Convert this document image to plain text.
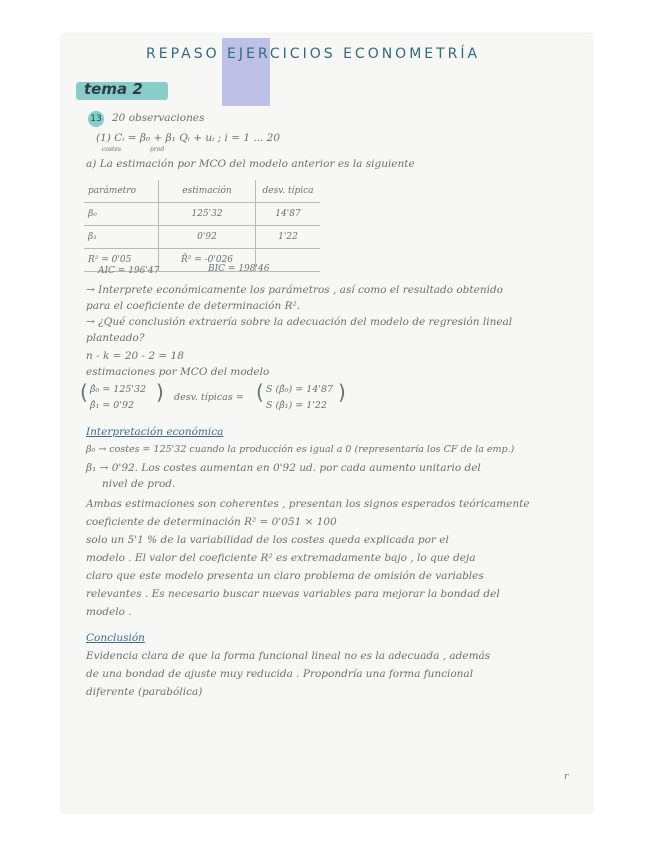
REPASO EJERCICIOS ECONOMETRÍA
tema 2
13 20 observaciones
(1) Cᵢ = β₀ + β₁ Qᵢ + uᵢ ; i = 1 ... 20
costes	prod
a) La estimación por MCO del modelo anterior es la siguiente
parámetro	estimación	desv. típica
β₀	125'32	14'87
β₁	0'92	1'22
R² = 0'05	R̄² = -0'026	
AIC = 196'47	BIC = 198'46
→ Interprete económicamente los parámetros , así como el resultado obtenido
para el coeficiente de determinación R².
→ ¿Qué conclusión extraería sobre la adecuación del modelo de regresión lineal
planteado?
n - k = 20 - 2 = 18
estimaciones por MCO del modelo
( β̂₀ = 125'32
β̂₁ = 0'92
) desv. típicas = ( S (β̂₀) = 14'87
S (β̂₁) = 1'22
)
Interpretación económica
β₀ → costes = 125'32 cuando la producción es igual a 0 (representaría los CF de la emp.)
β₁ → 0'92. Los costes aumentan en 0'92 ud. por cada aumento unitario del
nivel de prod.
Ambas estimaciones son coherentes , presentan los signos esperados teóricamente
coeficiente de determinación R² = 0'051 × 100
solo un 5'1 % de la variabilidad de los costes queda explicada por el
modelo . El valor del coeficiente R² es extremadamente bajo , lo que deja
claro que este modelo presenta un claro problema de omisión de variables
relevantes . Es necesario buscar nuevas variables para mejorar la bondad del
modelo .
Conclusión
Evidencia clara de que la forma funcional lineal no es la adecuada , además
de una bondad de ajuste muy reducida . Propondría una forma funcional
diferente (parabólica)
r
